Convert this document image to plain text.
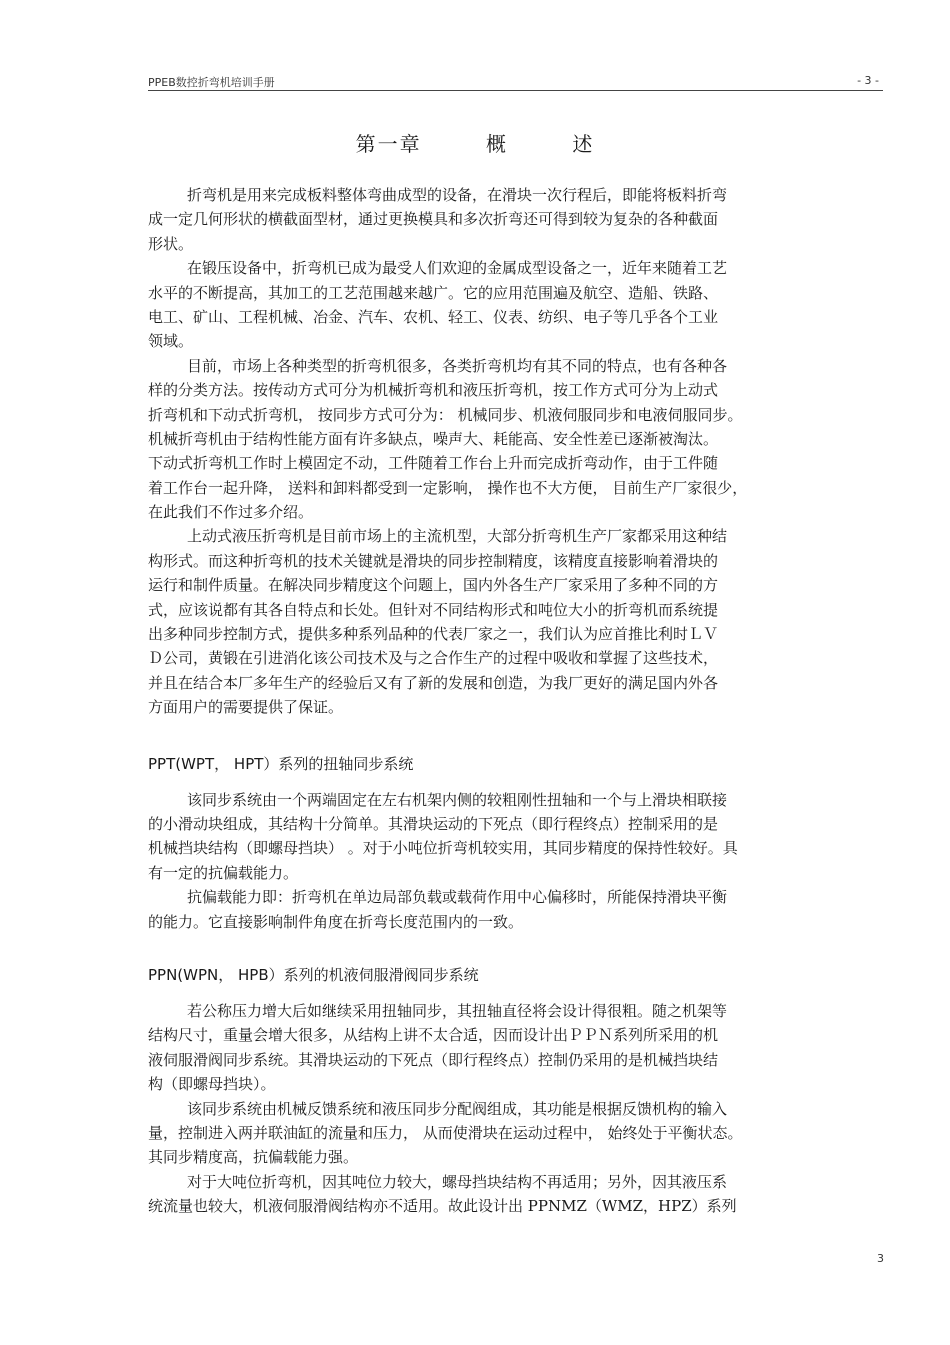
PPEB数控折弯机培训手册	- 3 -
第一章	概	述
折弯机是用来完成板料整体弯曲成型的设备，在滑块一次行程后，即能将板料折弯
成一定几何形状的横截面型材，通过更换模具和多次折弯还可得到较为复杂的各种截面
形状。
在锻压设备中，折弯机已成为最受人们欢迎的金属成型设备之一，近年来随着工艺
水平的不断提高，其加工的工艺范围越来越广。它的应用范围遍及航空、造船、铁路、
电工、矿山、工程机械、冶金、汽车、农机、轻工、仪表、纺织、电子等几乎各个工业
领域。
目前，市场上各种类型的折弯机很多，各类折弯机均有其不同的特点，也有各种各
样的分类方法。按传动方式可分为机械折弯机和液压折弯机，按工作方式可分为上动式
折弯机和下动式折弯机， 按同步方式可分为： 机械同步、机液伺服同步和电液伺服同步。
机械折弯机由于结构性能方面有许多缺点，噪声大、耗能高、安全性差已逐渐被淘汰。
下动式折弯机工作时上模固定不动，工件随着工作台上升而完成折弯动作，由于工件随
着工作台一起升降， 送料和卸料都受到一定影响， 操作也不大方便， 目前生产厂家很少，
在此我们不作过多介绍。
上动式液压折弯机是目前市场上的主流机型，大部分折弯机生产厂家都采用这种结
构形式。而这种折弯机的技术关键就是滑块的同步控制精度，该精度直接影响着滑块的
运行和制件质量。在解决同步精度这个问题上，国内外各生产厂家采用了多种不同的方
式，应该说都有其各自特点和长处。但针对不同结构形式和吨位大小的折弯机而系统提
出多种同步控制方式，提供多种系列品种的代表厂家之一，我们认为应首推比利时ＬＶ
Ｄ公司，黄锻在引进消化该公司技术及与之合作生产的过程中吸收和掌握了这些技术，
并且在结合本厂多年生产的经验后又有了新的发展和创造，为我厂更好的满足国内外各
方面用户的需要提供了保证。
PPT(WPT， HPT）系列的扭轴同步系统
该同步系统由一个两端固定在左右机架内侧的较粗刚性扭轴和一个与上滑块相联接
的小滑动块组成，其结构十分简单。其滑块运动的下死点（即行程终点）控制采用的是
机械挡块结构（即螺母挡块） 。对于小吨位折弯机较实用，其同步精度的保持性较好。具
有一定的抗偏载能力。
抗偏载能力即：折弯机在单边局部负载或载荷作用中心偏移时，所能保持滑块平衡
的能力。它直接影响制件角度在折弯长度范围内的一致。
PPN(WPN， HPB）系列的机液伺服滑阀同步系统
若公称压力增大后如继续采用扭轴同步，其扭轴直径将会设计得很粗。随之机架等
结构尺寸，重量会增大很多，从结构上讲不太合适，因而设计出ＰＰＮ系列所采用的机
液伺服滑阀同步系统。其滑块运动的下死点（即行程终点）控制仍采用的是机械挡块结
构（即螺母挡块）。
该同步系统由机械反馈系统和液压同步分配阀组成，其功能是根据反馈机构的输入
量，控制进入两并联油缸的流量和压力， 从而使滑块在运动过程中， 始终处于平衡状态。
其同步精度高，抗偏载能力强。
对于大吨位折弯机，因其吨位力较大，螺母挡块结构不再适用；另外，因其液压系
统流量也较大，机液伺服滑阀结构亦不适用。故此设计出 PPNMZ（WMZ，HPZ）系列
3
